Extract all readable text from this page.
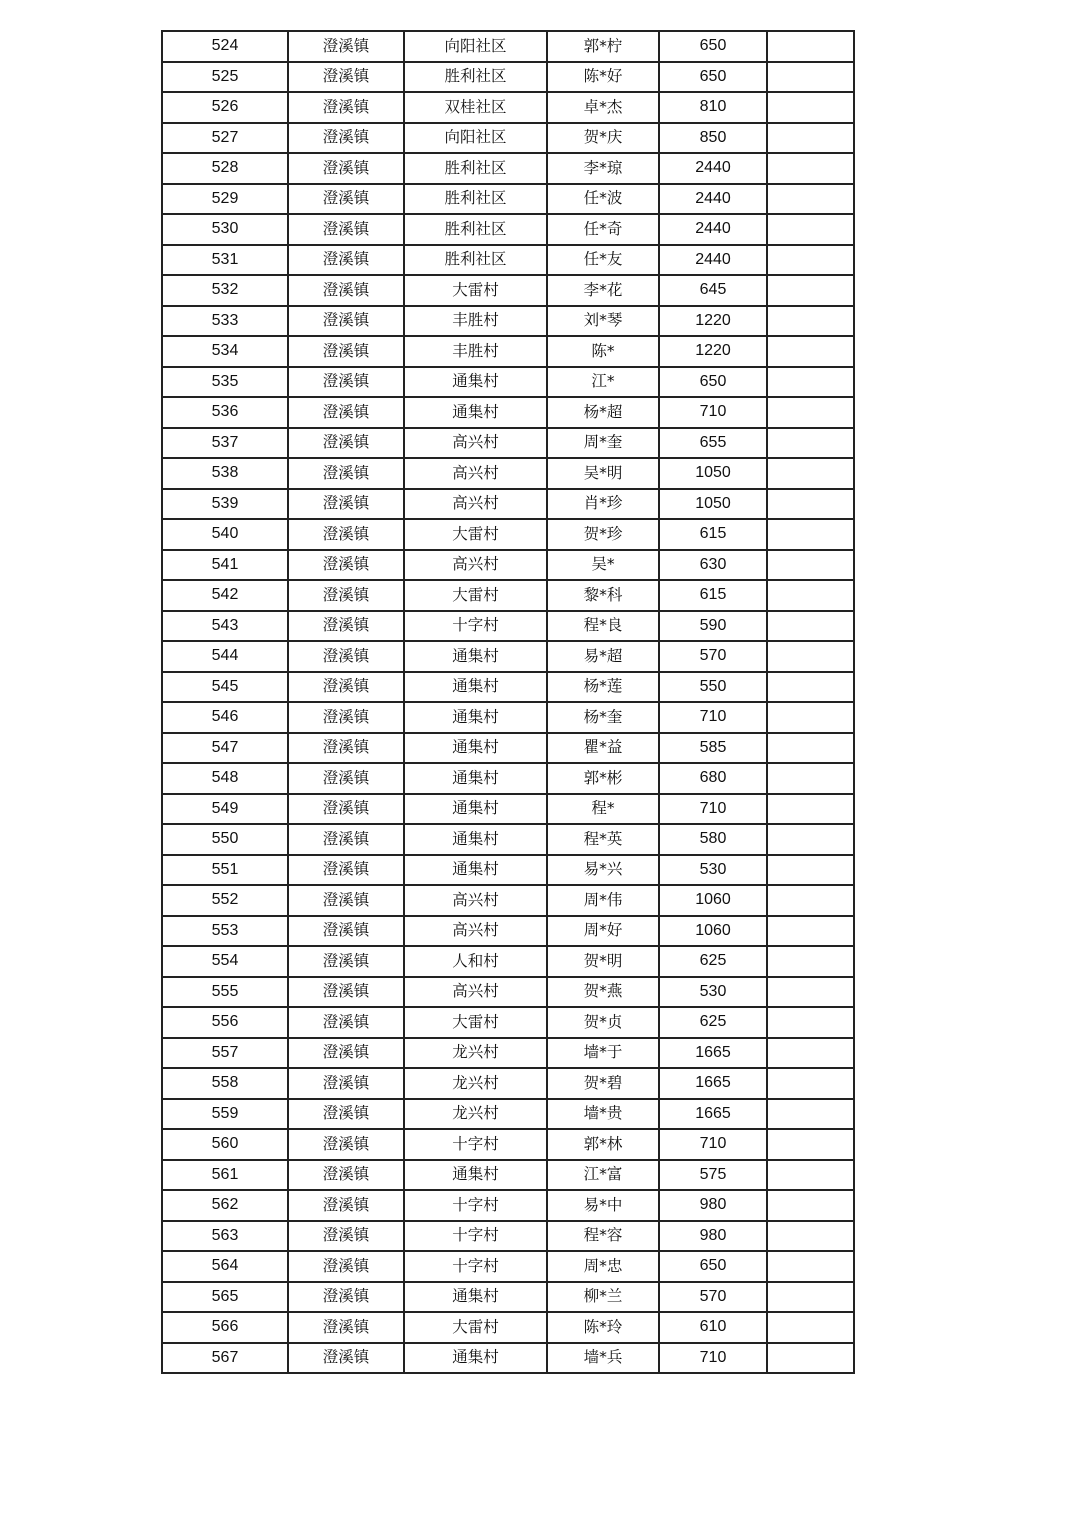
524	澄溪镇	向阳社区	郭*柠	650	
525	澄溪镇	胜利社区	陈*好	650	
526	澄溪镇	双桂社区	卓*杰	810	
527	澄溪镇	向阳社区	贺*庆	850	
528	澄溪镇	胜利社区	李*琼	2440	
529	澄溪镇	胜利社区	任*波	2440	
530	澄溪镇	胜利社区	任*奇	2440	
531	澄溪镇	胜利社区	任*友	2440	
532	澄溪镇	大雷村	李*花	645	
533	澄溪镇	丰胜村	刘*琴	1220	
534	澄溪镇	丰胜村	陈*	1220	
535	澄溪镇	通集村	江*	650	
536	澄溪镇	通集村	杨*超	710	
537	澄溪镇	高兴村	周*奎	655	
538	澄溪镇	高兴村	吴*明	1050	
539	澄溪镇	高兴村	肖*珍	1050	
540	澄溪镇	大雷村	贺*珍	615	
541	澄溪镇	高兴村	吴*	630	
542	澄溪镇	大雷村	黎*科	615	
543	澄溪镇	十字村	程*良	590	
544	澄溪镇	通集村	易*超	570	
545	澄溪镇	通集村	杨*莲	550	
546	澄溪镇	通集村	杨*奎	710	
547	澄溪镇	通集村	瞿*益	585	
548	澄溪镇	通集村	郭*彬	680	
549	澄溪镇	通集村	程*	710	
550	澄溪镇	通集村	程*英	580	
551	澄溪镇	通集村	易*兴	530	
552	澄溪镇	高兴村	周*伟	1060	
553	澄溪镇	高兴村	周*好	1060	
554	澄溪镇	人和村	贺*明	625	
555	澄溪镇	高兴村	贺*燕	530	
556	澄溪镇	大雷村	贺*贞	625	
557	澄溪镇	龙兴村	墙*于	1665	
558	澄溪镇	龙兴村	贺*碧	1665	
559	澄溪镇	龙兴村	墙*贵	1665	
560	澄溪镇	十字村	郭*林	710	
561	澄溪镇	通集村	江*富	575	
562	澄溪镇	十字村	易*中	980	
563	澄溪镇	十字村	程*容	980	
564	澄溪镇	十字村	周*忠	650	
565	澄溪镇	通集村	柳*兰	570	
566	澄溪镇	大雷村	陈*玲	610	
567	澄溪镇	通集村	墙*兵	710	
